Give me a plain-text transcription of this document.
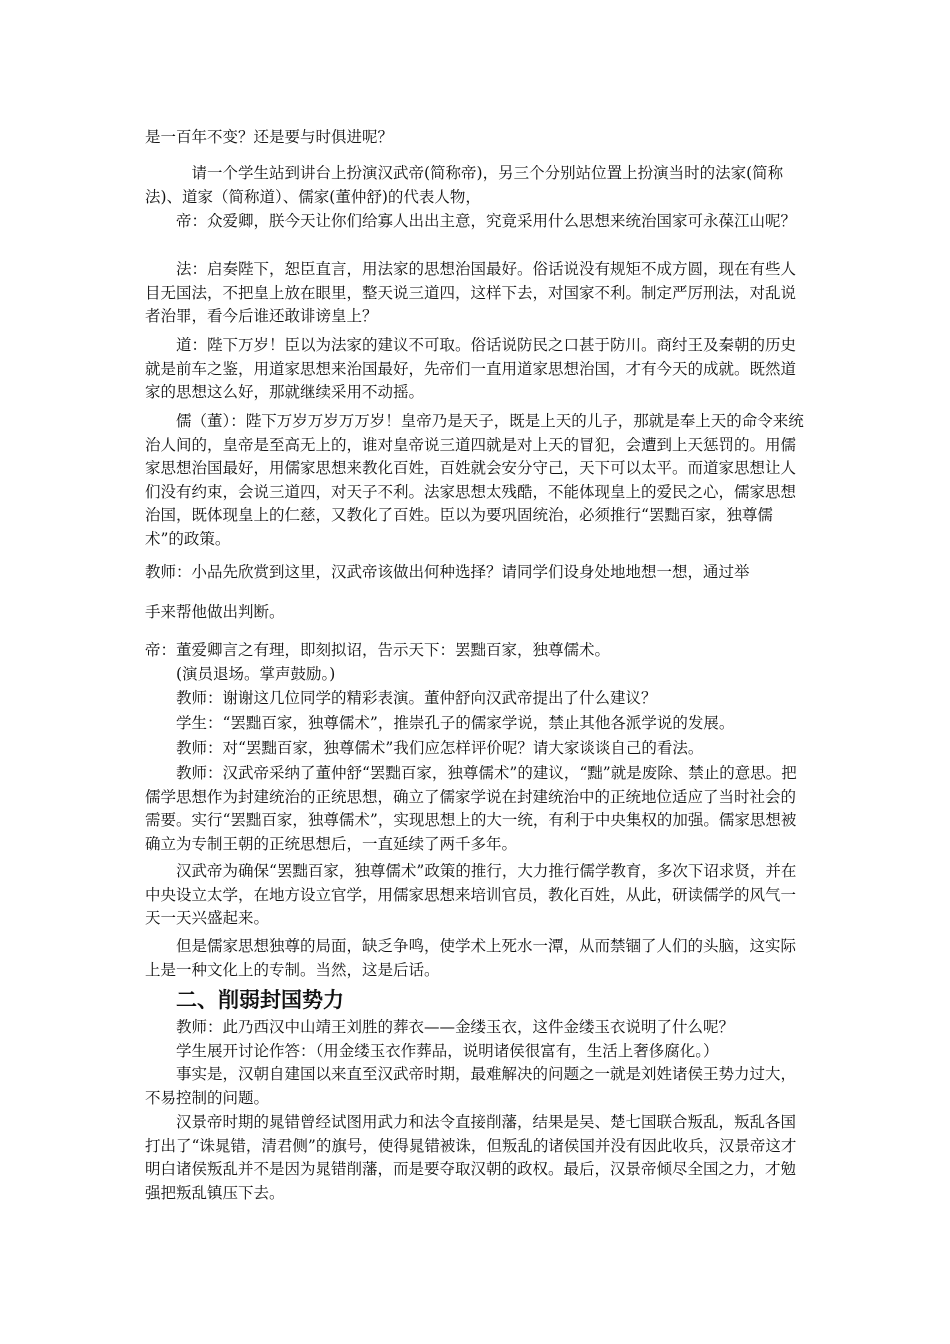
是一百年不变？还是要与时俱进呢？

请一个学生站到讲台上扮演汉武帝(简称帝)，另三个分别站位置上扮演当时的法家(简称法)、道家（简称道）、儒家(董仲舒)的代表人物，

帝：众爱卿，朕今天让你们给寡人出出主意，究竟采用什么思想来统治国家可永葆江山呢？

法：启奏陛下，恕臣直言，用法家的思想治国最好。俗话说没有规矩不成方圆，现在有些人目无国法，不把皇上放在眼里，整天说三道四，这样下去，对国家不利。制定严厉刑法，对乱说者治罪，看今后谁还敢诽谤皇上？

道：陛下万岁！臣以为法家的建议不可取。俗话说防民之口甚于防川。商纣王及秦朝的历史就是前车之鉴，用道家思想来治国最好，先帝们一直用道家思想治国，才有今天的成就。既然道家的思想这么好，那就继续采用不动摇。

儒（董）：陛下万岁万岁万万岁！皇帝乃是天子，既是上天的儿子，那就是奉上天的命令来统治人间的，皇帝是至高无上的，谁对皇帝说三道四就是对上天的冒犯，会遭到上天惩罚的。用儒家思想治国最好，用儒家思想来教化百姓，百姓就会安分守己，天下可以太平。而道家思想让人们没有约束，会说三道四，对天子不利。法家思想太残酷，不能体现皇上的爱民之心，儒家思想治国，既体现皇上的仁慈，又教化了百姓。臣以为要巩固统治，必须推行“罢黜百家，独尊儒术”的政策。

教师：小品先欣赏到这里，汉武帝该做出何种选择？请同学们设身处地地想一想，通过举

手来帮他做出判断。

帝：董爱卿言之有理，即刻拟诏，告示天下：罢黜百家，独尊儒术。

(演员退场。掌声鼓励。)

教师：谢谢这几位同学的精彩表演。董仲舒向汉武帝提出了什么建议？

学生：“罢黜百家，独尊儒术”，推崇孔子的儒家学说，禁止其他各派学说的发展。

教师：对“罢黜百家，独尊儒术”我们应怎样评价呢？请大家谈谈自己的看法。

教师：汉武帝采纳了董仲舒“罢黜百家，独尊儒术”的建议，“黜”就是废除、禁止的意思。把儒学思想作为封建统治的正统思想，确立了儒家学说在封建统治中的正统地位适应了当时社会的需要。实行“罢黜百家，独尊儒术”，实现思想上的大一统，有利于中央集权的加强。儒家思想被确立为专制王朝的正统思想后，一直延续了两千多年。

汉武帝为确保“罢黜百家，独尊儒术”政策的推行，大力推行儒学教育，多次下诏求贤，并在中央设立太学，在地方设立官学，用儒家思想来培训官员，教化百姓，从此，研读儒学的风气一天一天兴盛起来。

但是儒家思想独尊的局面，缺乏争鸣，使学术上死水一潭，从而禁锢了人们的头脑，这实际上是一种文化上的专制。当然，这是后话。

二、削弱封国势力

教师：此乃西汉中山靖王刘胜的葬衣——金缕玉衣，这件金缕玉衣说明了什么呢？

学生展开讨论作答：（用金缕玉衣作葬品，说明诸侯很富有，生活上奢侈腐化。）

事实是，汉朝自建国以来直至汉武帝时期，最难解决的问题之一就是刘姓诸侯王势力过大，不易控制的问题。

汉景帝时期的晁错曾经试图用武力和法令直接削藩，结果是吴、楚七国联合叛乱，叛乱各国打出了“诛晁错，清君侧”的旗号，使得晁错被诛，但叛乱的诸侯国并没有因此收兵，汉景帝这才明白诸侯叛乱并不是因为晁错削藩，而是要夺取汉朝的政权。最后，汉景帝倾尽全国之力，才勉强把叛乱镇压下去。
